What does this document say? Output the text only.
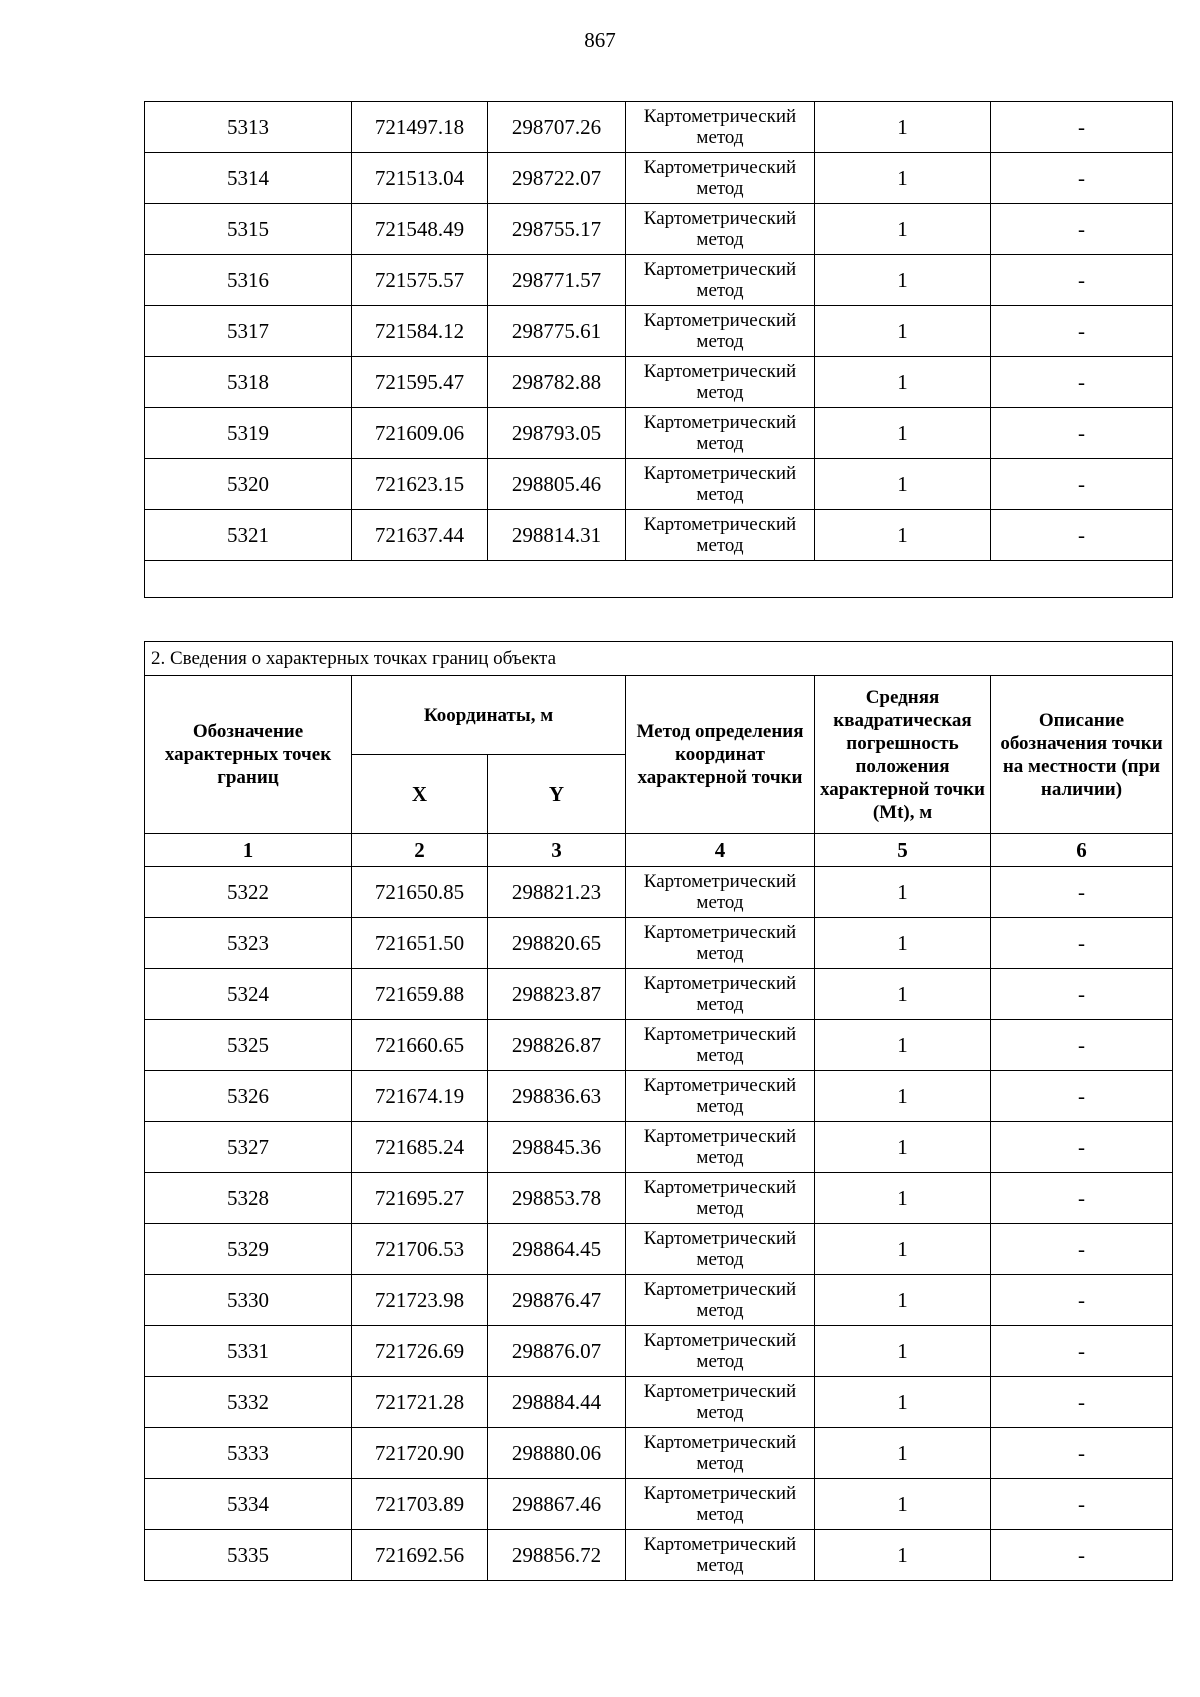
867
5313	721497.18	298707.26	Картометрический метод	1	-
5314	721513.04	298722.07	Картометрический метод	1	-
5315	721548.49	298755.17	Картометрический метод	1	-
5316	721575.57	298771.57	Картометрический метод	1	-
5317	721584.12	298775.61	Картометрический метод	1	-
5318	721595.47	298782.88	Картометрический метод	1	-
5319	721609.06	298793.05	Картометрический метод	1	-
5320	721623.15	298805.46	Картометрический метод	1	-
5321	721637.44	298814.31	Картометрический метод	1	-

2. Сведения о характерных точках границ объекта					
Обозначение характерных точек границ	Координаты, м		Метод определения координат характерной точки	Средняя квадратическая погрешность положения характерной точки (Mt), м	Описание обозначения точки на местности (при наличии)
	X	Y			
1	2	3	4	5	6
5322	721650.85	298821.23	Картометрический метод	1	-
5323	721651.50	298820.65	Картометрический метод	1	-
5324	721659.88	298823.87	Картометрический метод	1	-
5325	721660.65	298826.87	Картометрический метод	1	-
5326	721674.19	298836.63	Картометрический метод	1	-
5327	721685.24	298845.36	Картометрический метод	1	-
5328	721695.27	298853.78	Картометрический метод	1	-
5329	721706.53	298864.45	Картометрический метод	1	-
5330	721723.98	298876.47	Картометрический метод	1	-
5331	721726.69	298876.07	Картометрический метод	1	-
5332	721721.28	298884.44	Картометрический метод	1	-
5333	721720.90	298880.06	Картометрический метод	1	-
5334	721703.89	298867.46	Картометрический метод	1	-
5335	721692.56	298856.72	Картометрический метод	1	-
